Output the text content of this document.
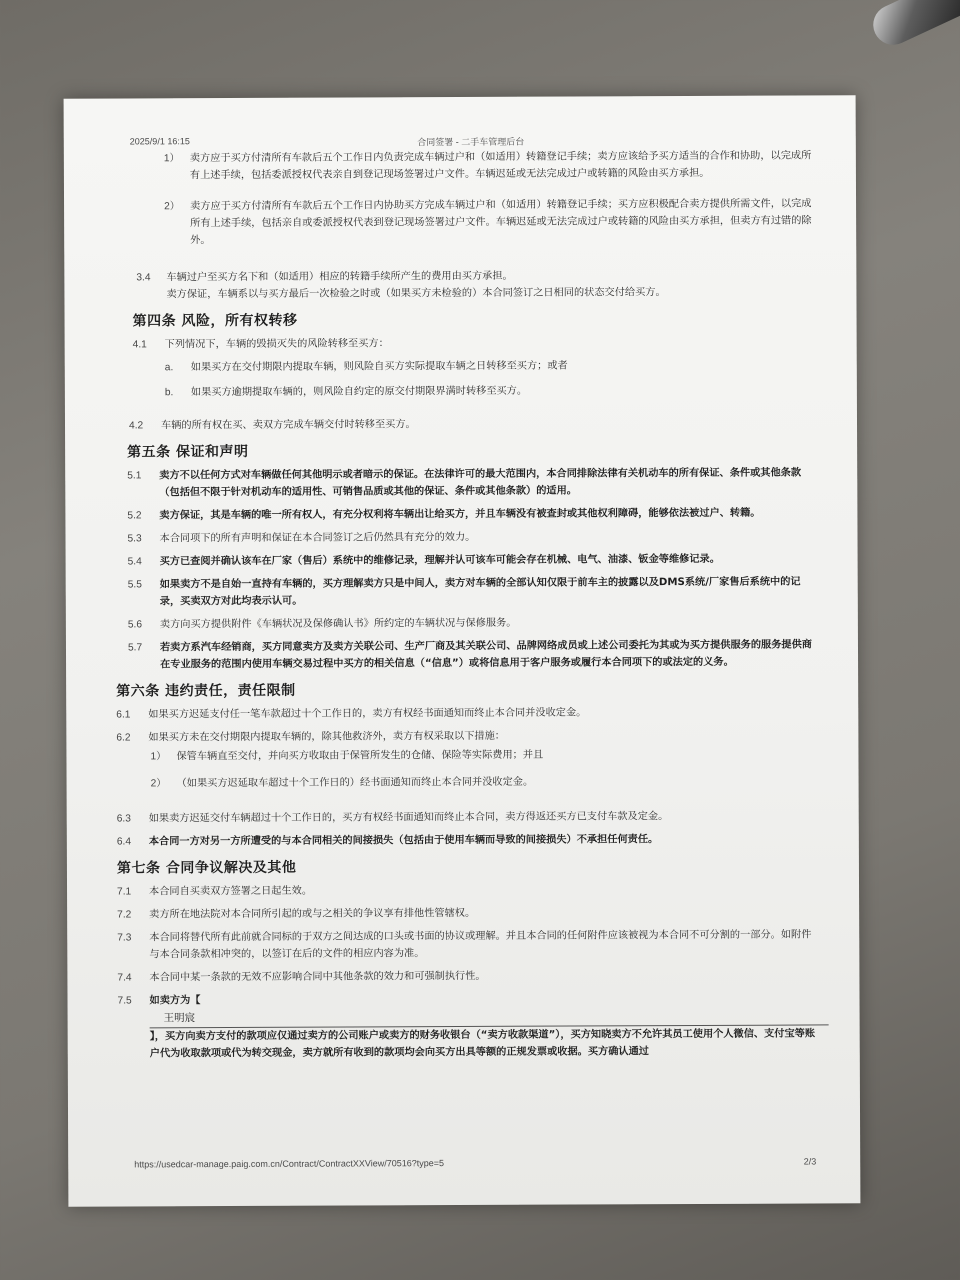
2025/9/1 16:15	合同签署 - 二手车管理后台
1） 卖方应于买方付清所有车款后五个工作日内负责完成车辆过户和（如适用）转籍登记手续；卖方应该给予买方适当的合作和协助，以完成所有上述手续，包括委派授权代表亲自到登记现场签署过户文件。车辆迟延或无法完成过户或转籍的风险由买方承担。
2） 卖方应于买方付清所有车款后五个工作日内协助买方完成车辆过户和（如适用）转籍登记手续；买方应积极配合卖方提供所需文件，以完成所有上述手续，包括亲自或委派授权代表到登记现场签署过户文件。车辆迟延或无法完成过户或转籍的风险由买方承担，但卖方有过错的除外。
3.4 车辆过户至买方名下和（如适用）相应的转籍手续所产生的费用由买方承担。
卖方保证，车辆系以与买方最后一次检验之时或（如果买方未检验的）本合同签订之日相同的状态交付给买方。
第四条 风险，所有权转移
4.1 下列情况下，车辆的毁损灭失的风险转移至买方：
a. 如果买方在交付期限内提取车辆，则风险自买方实际提取车辆之日转移至买方；或者
b. 如果买方逾期提取车辆的，则风险自约定的原交付期限界满时转移至买方。
4.2 车辆的所有权在买、卖双方完成车辆交付时转移至买方。
第五条 保证和声明
5.1 卖方不以任何方式对车辆做任何其他明示或者暗示的保证。在法律许可的最大范围内，本合同排除法律有关机动车的所有保证、条件或其他条款（包括但不限于针对机动车的适用性、可销售品质或其他的保证、条件或其他条款）的适用。
5.2 卖方保证，其是车辆的唯一所有权人，有充分权利将车辆出让给买方，并且车辆没有被查封或其他权利障碍，能够依法被过户、转籍。
5.3 本合同项下的所有声明和保证在本合同签订之后仍然具有充分的效力。
5.4 买方已查阅并确认该车在厂家（售后）系统中的维修记录，理解并认可该车可能会存在机械、电气、油漆、钣金等维修记录。
5.5 如果卖方不是自始一直持有车辆的，买方理解卖方只是中间人，卖方对车辆的全部认知仅限于前车主的披露以及DMS系统/厂家售后系统中的记录，买卖双方对此均表示认可。
5.6 卖方向买方提供附件《车辆状况及保修确认书》所约定的车辆状况与保修服务。
5.7 若卖方系汽车经销商，买方同意卖方及卖方关联公司、生产厂商及其关联公司、品牌网络成员或上述公司委托为其或为买方提供服务的服务提供商在专业服务的范围内使用车辆交易过程中买方的相关信息（“信息”）或将信息用于客户服务或履行本合同项下的或法定的义务。
第六条 违约责任，责任限制
6.1 如果买方迟延支付任一笔车款超过十个工作日的，卖方有权经书面通知而终止本合同并没收定金。
6.2 如果买方未在交付期限内提取车辆的，除其他救济外，卖方有权采取以下措施：
1） 保管车辆直至交付，并向买方收取由于保管所发生的仓储、保险等实际费用；并且
2） （如果买方迟延取车超过十个工作日的）经书面通知而终止本合同并没收定金。
6.3 如果卖方迟延交付车辆超过十个工作日的，买方有权经书面通知而终止本合同，卖方得返还买方已支付车款及定金。
6.4 本合同一方对另一方所遭受的与本合同相关的间接损失（包括由于使用车辆而导致的间接损失）不承担任何责任。
第七条 合同争议解决及其他
7.1 本合同自买卖双方签署之日起生效。
7.2 卖方所在地法院对本合同所引起的或与之相关的争议享有排他性管辖权。
7.3 本合同将替代所有此前就合同标的于双方之间达成的口头或书面的协议或理解。并且本合同的任何附件应该被视为本合同不可分割的一部分。如附件与本合同条款相冲突的，以签订在后的文件的相应内容为准。
7.4 本合同中某一条款的无效不应影响合同中其他条款的效力和可强制执行性。
7.5 如卖方为【
王明宸
】，买方向卖方支付的款项应仅通过卖方的公司账户或卖方的财务收银台（“卖方收款渠道”），买方知晓卖方不允许其员工使用个人微信、支付宝等账户代为收取款项或代为转交现金，卖方就所有收到的款项均会向买方出具等额的正规发票或收据。买方确认通过
https://usedcar-manage.paig.com.cn/Contract/ContractXXView/70516?type=5	2/3
